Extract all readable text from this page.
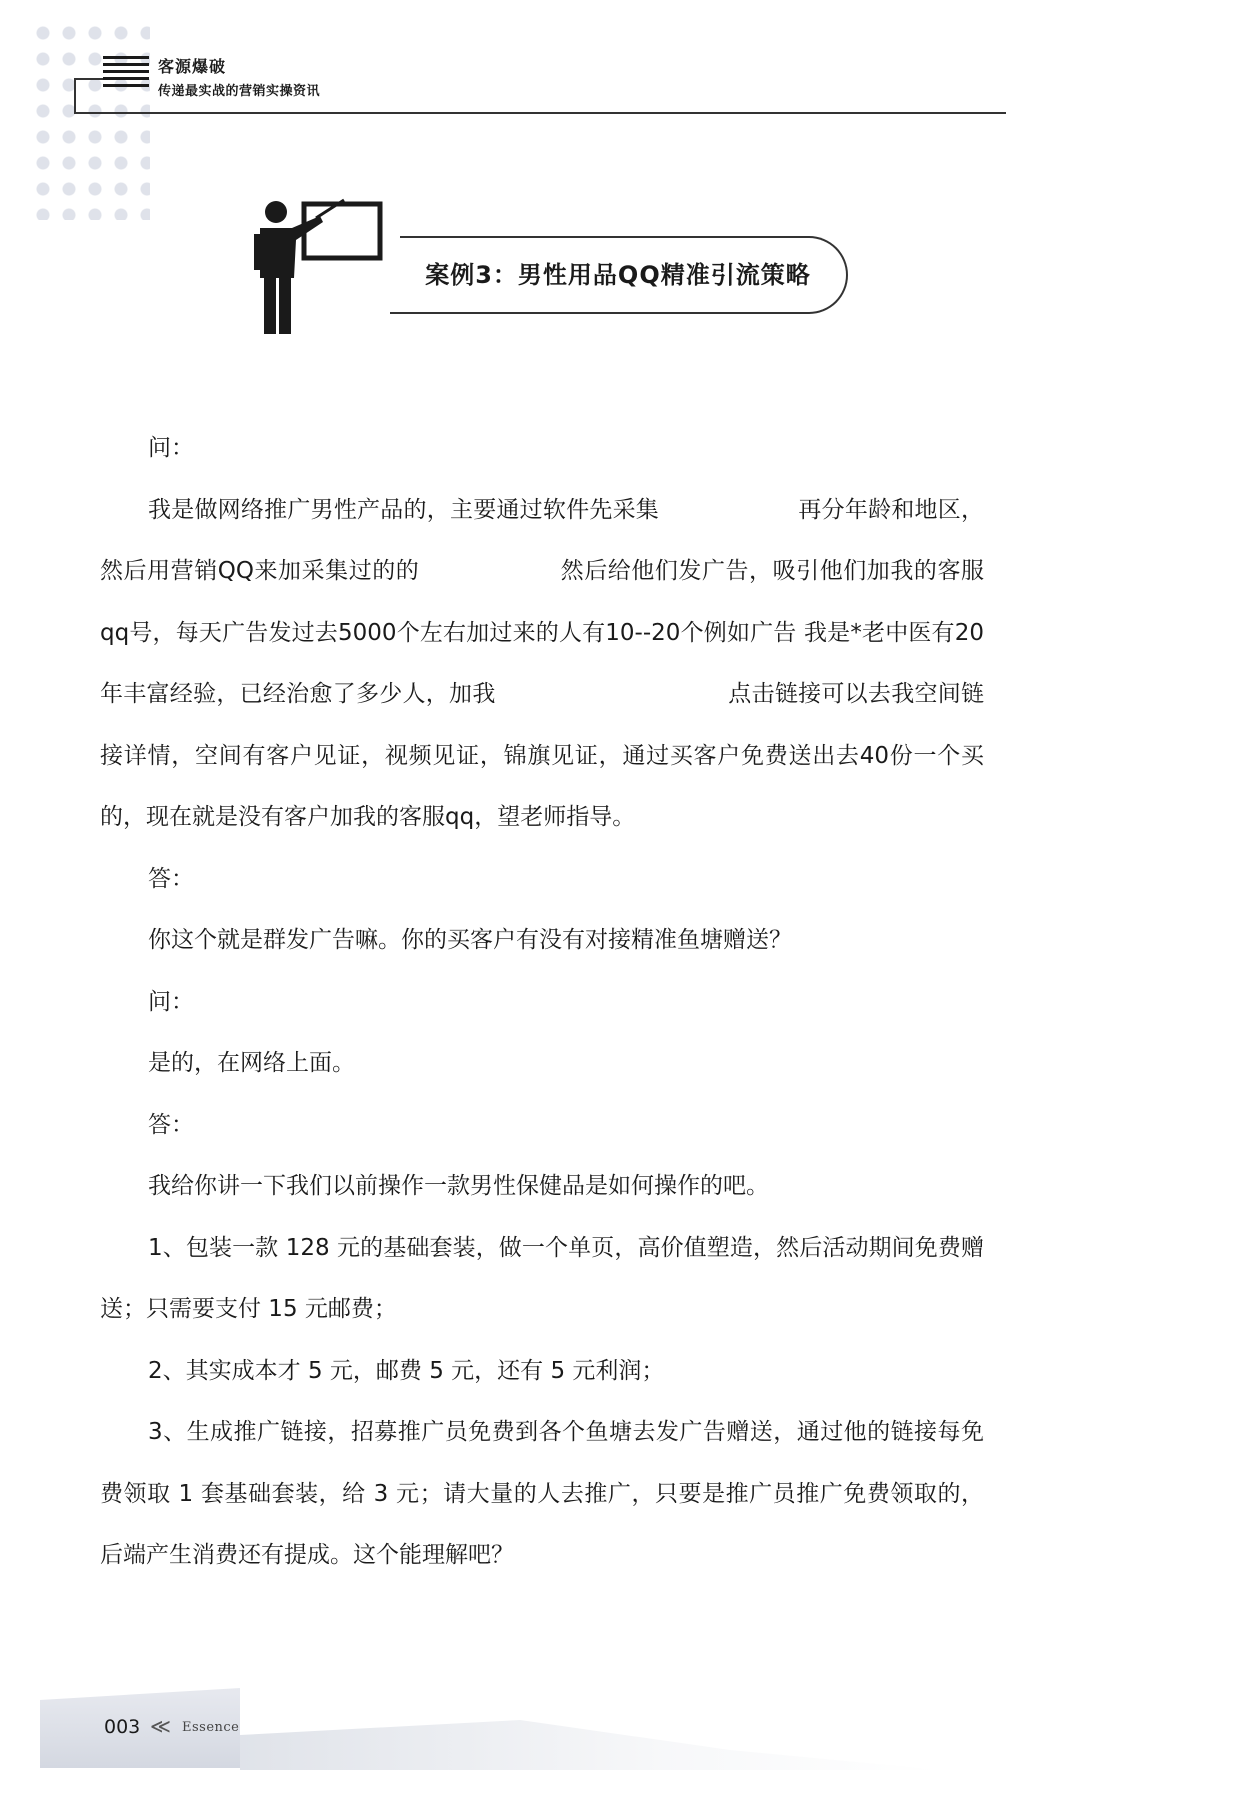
客源爆破
传递最实战的营销实操资讯
案例3：男性用品QQ精准引流策略

问：

我是做网络推广男性产品的，主要通过软件先采集　　　　　　再分年龄和地区，然后用营销QQ来加采集过的的　　　　　　然后给他们发广告，吸引他们加我的客服qq号，每天广告发过去5000个左右加过来的人有10--20个例如广告 我是*老中医有20年丰富经验，已经治愈了多少人，加我　　　　　　　　　　点击链接可以去我空间链接详情，空间有客户见证，视频见证，锦旗见证，通过买客户免费送出去40份一个买的，现在就是没有客户加我的客服qq，望老师指导。

答：

你这个就是群发广告嘛。你的买客户有没有对接精准鱼塘赠送？

问：

是的，在网络上面。

答：

我给你讲一下我们以前操作一款男性保健品是如何操作的吧。

1、包装一款 128 元的基础套装，做一个单页，高价值塑造，然后活动期间免费赠送；只需要支付 15 元邮费；

2、其实成本才 5 元，邮费 5 元，还有 5 元利润；

3、生成推广链接，招募推广员免费到各个鱼塘去发广告赠送，通过他的链接每免费领取 1 套基础套装，给 3 元；请大量的人去推广，只要是推广员推广免费领取的，后端产生消费还有提成。这个能理解吧？

003 ≪ Essence
